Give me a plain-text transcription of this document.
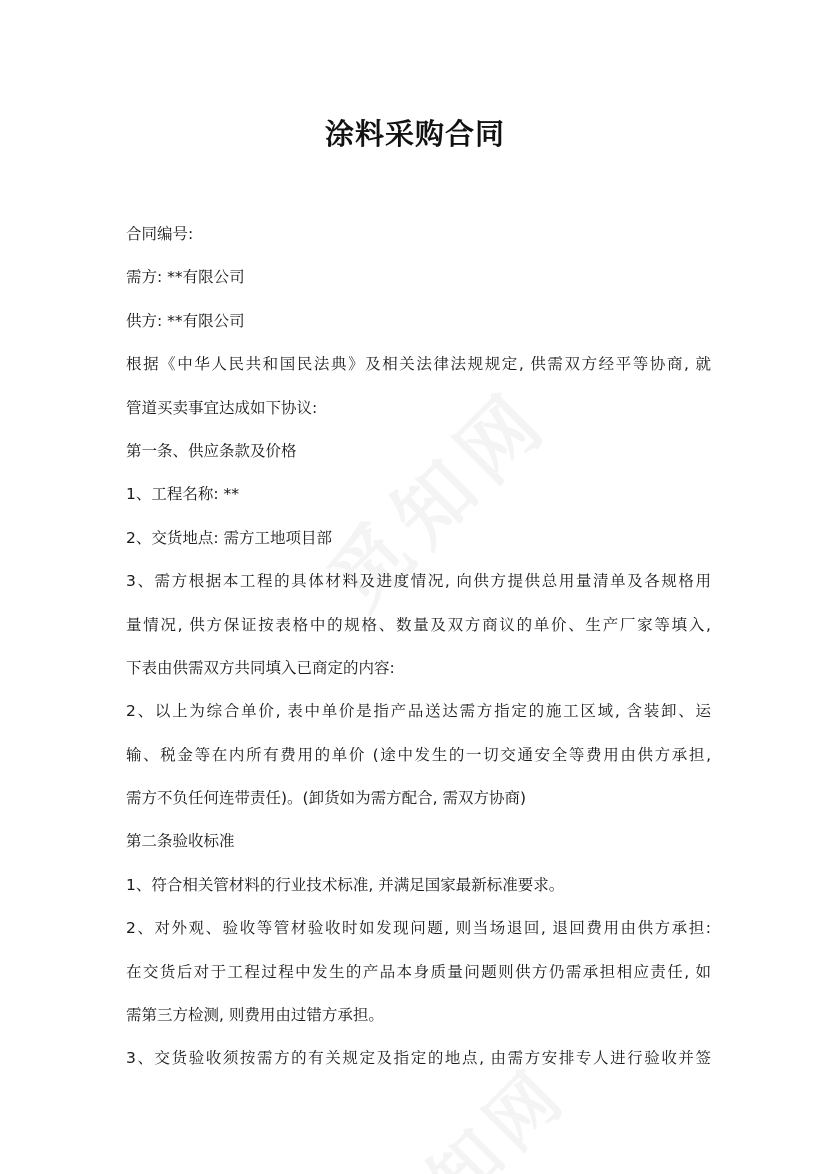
涂料采购合同
合同编号:
需方: **有限公司
供方: **有限公司
根据《中华人民共和国民法典》及相关法律法规规定, 供需双方经平等协商, 就
管道买卖事宜达成如下协议:
第一条、供应条款及价格
1、工程名称: **
2、交货地点: 需方工地项目部
3、需方根据本工程的具体材料及进度情况, 向供方提供总用量清单及各规格用
量情况, 供方保证按表格中的规格、数量及双方商议的单价、生产厂家等填入,
下表由供需双方共同填入已商定的内容:
2、以上为综合单价, 表中单价是指产品送达需方指定的施工区域, 含装卸、运
输、税金等在内所有费用的单价 (途中发生的一切交通安全等费用由供方承担,
需方不负任何连带责任)。(卸货如为需方配合, 需双方协商)
第二条验收标准
1、符合相关管材料的行业技术标准, 并满足国家最新标准要求。
2、对外观、验收等管材验收时如发现问题, 则当场退回, 退回费用由供方承担:
在交货后对于工程过程中发生的产品本身质量问题则供方仍需承担相应责任, 如
需第三方检测, 则费用由过错方承担。
3、交货验收须按需方的有关规定及指定的地点, 由需方安排专人进行验收并签
